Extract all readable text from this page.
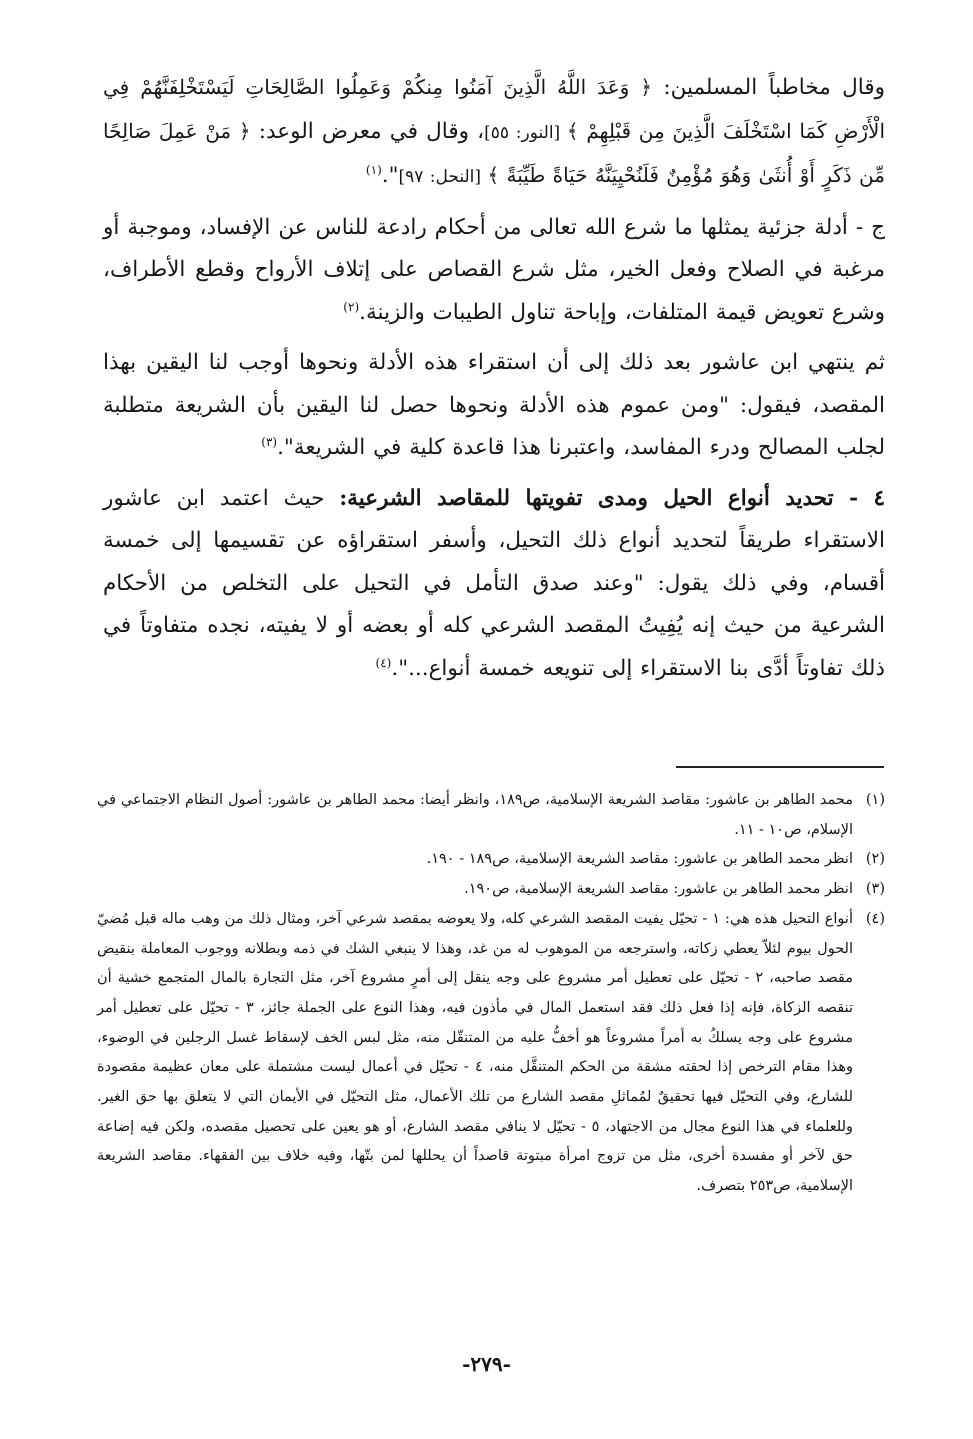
وقال مخاطباً المسلمين: ﴿ وَعَدَ اللَّهُ الَّذِينَ آمَنُوا مِنكُمْ وَعَمِلُوا الصَّالِحَاتِ لَيَسْتَخْلِفَنَّهُمْ فِي الْأَرْضِ كَمَا اسْتَخْلَفَ الَّذِينَ مِن قَبْلِهِمْ ﴾ [النور: ٥٥]، وقال في معرض الوعد: ﴿ مَنْ عَمِلَ صَالِحًا مِّن ذَكَرٍ أَوْ أُنثَىٰ وَهُوَ مُؤْمِنٌ فَلَنُحْيِيَنَّهُ حَيَاةً طَيِّبَةً ﴾ [النحل: ٩٧]".$^{(١)}$

ج - أدلة جزئية يمثلها ما شرع الله تعالى من أحكام رادعة للناس عن الإفساد، وموجبة أو مرغبة في الصلاح وفعل الخير، مثل شرع القصاص على إتلاف الأرواح وقطع الأطراف، وشرع تعويض قيمة المتلفات، وإباحة تناول الطيبات والزينة.$^{(٢)}$

ثم ينتهي ابن عاشور بعد ذلك إلى أن استقراء هذه الأدلة ونحوها أوجب لنا اليقين بهذا المقصد، فيقول: "ومن عموم هذه الأدلة ونحوها حصل لنا اليقين بأن الشريعة متطلبة لجلب المصالح ودرء المفاسد، واعتبرنا هذا قاعدة كلية في الشريعة".$^{(٣)}$

٤ - تحديد أنواع الحيل ومدى تفويتها للمقاصد الشرعية: حيث اعتمد ابن عاشور الاستقراء طريقاً لتحديد أنواع ذلك التحيل، وأسفر استقراؤه عن تقسيمها إلى خمسة أقسام، وفي ذلك يقول: "وعند صدق التأمل في التحيل على التخلص من الأحكام الشرعية من حيث إنه يُفِيتُ المقصد الشرعي كله أو بعضه أو لا يفيته، نجده متفاوتاً في ذلك تفاوتاً أدَّى بنا الاستقراء إلى تنويعه خمسة أنواع...".$^{(٤)}$

(١)
محمد الطاهر بن عاشور: مقاصد الشريعة الإسلامية، ص١٨٩، وانظر أيضا: محمد الطاهر بن عاشور: أصول النظام الاجتماعي في الإسلام، ص١٠ - ١١.

(٢)
انظر محمد الطاهر بن عاشور: مقاصد الشريعة الإسلامية، ص١٨٩ - ١٩٠.

(٣)
انظر محمد الطاهر بن عاشور: مقاصد الشريعة الإسلامية، ص١٩٠.

(٤)
أنواع التحيل هذه هي: ١ - تحيّل يفيت المقصد الشرعي كله، ولا يعوضه بمقصد شرعي آخر، ومثال ذلك من وهب ماله قبل مُضيّ الحول بيوم لئلاّ يعطي زكاته، واسترجعه من الموهوب له من غد، وهذا لا ينبغي الشك في ذمه وبطلانه ووجوب المعاملة بنقيض مقصد صاحبه، ٢ - تحيّل على تعطيل أمر مشروع على وجه ينقل إلى أمرٍ مشروع آخر، مثل التجارة بالمال المتجمع خشية أن تنقصه الزكاة، فإنه إذا فعل ذلك فقد استعمل المال في مأذون فيه، وهذا النوع على الجملة جائز، ٣ - تحيّل على تعطيل أمر مشروع على وجه يسلكُ به أمراً مشروعاً هو أخفُّ عليه من المتنقّل منه، مثل لبس الخف لإسقاط غسل الرجلين في الوضوء، وهذا مقام الترخص إذا لحقته مشقة من الحكم المتنقَّل منه، ٤ - تحيّل في أعمال ليست مشتملة على معان عظيمة مقصودة للشارع، وفي التحيّل فيها تحقيقٌ لمُماثلِ مقصد الشارع من تلك الأعمال، مثل التحيّل في الأيمان التي لا يتعلق بها حق الغير. وللعلماء في هذا النوع مجال من الاجتهاد، ٥ - تحيّل لا ينافي مقصد الشارع، أو هو يعين على تحصيل مقصده، ولكن فيه إضاعة حق لآخر أو مفسدة أخرى، مثل من تزوج امرأة مبتوتة قاصداً أن يحللها لمن بتّها، وفيه خلاف بين الفقهاء. مقاصد الشريعة الإسلامية، ص٢٥٣ بتصرف.

-٢٧٩-
